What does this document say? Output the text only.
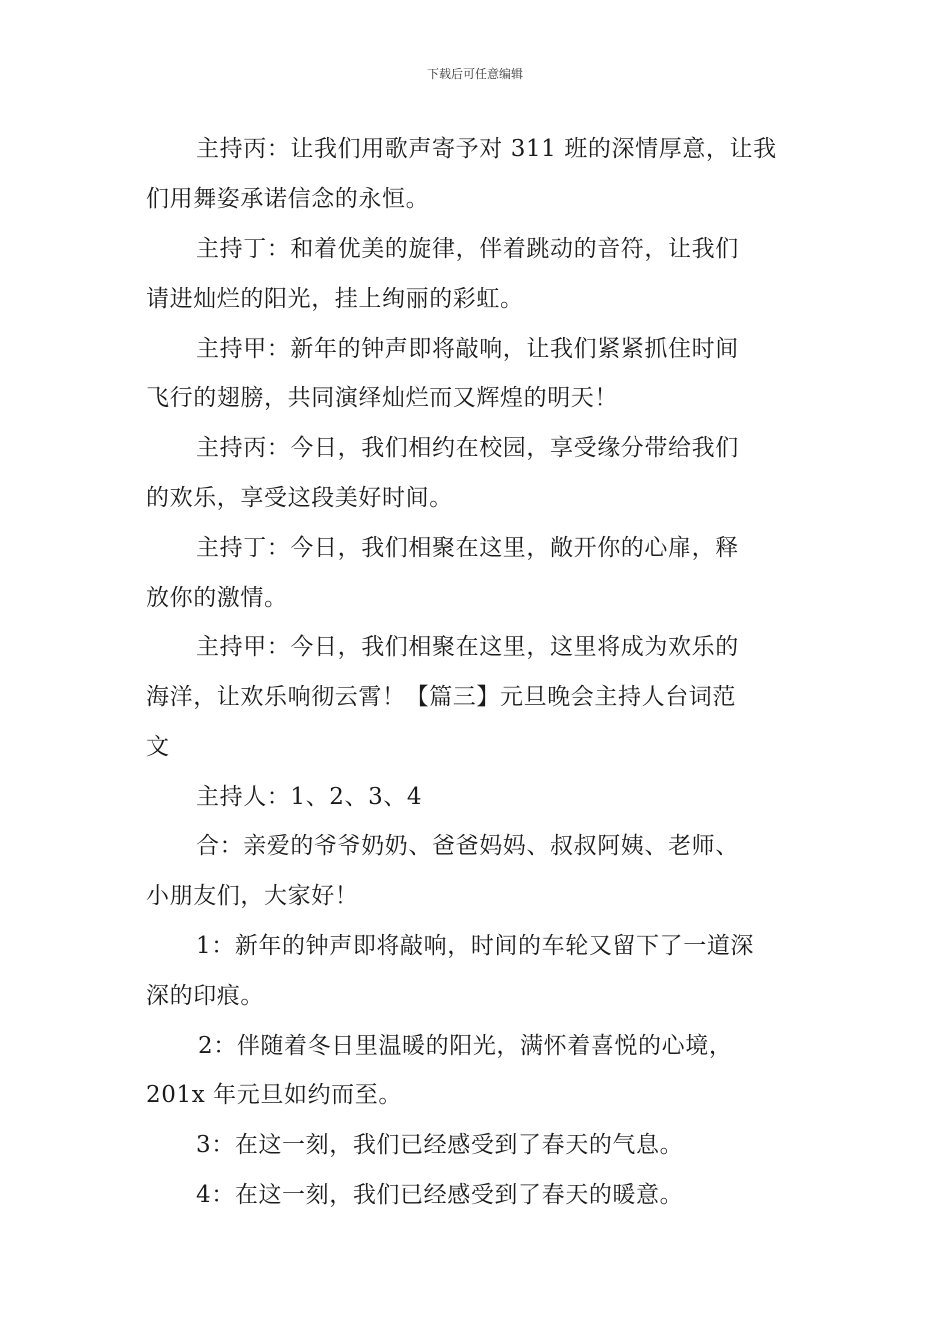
下载后可任意编辑
主持丙：让我们用歌声寄予对 311 班的深情厚意，让我
们用舞姿承诺信念的永恒。
主持丁：和着优美的旋律，伴着跳动的音符，让我们
请进灿烂的阳光，挂上绚丽的彩虹。
主持甲：新年的钟声即将敲响，让我们紧紧抓住时间
飞行的翅膀，共同演绎灿烂而又辉煌的明天！
主持丙：今日，我们相约在校园，享受缘分带给我们
的欢乐，享受这段美好时间。
主持丁：今日，我们相聚在这里，敞开你的心扉，释
放你的激情。
主持甲：今日，我们相聚在这里，这里将成为欢乐的
海洋，让欢乐响彻云霄！【篇三】元旦晚会主持人台词范
文
主持人：1、2、3、4
合：亲爱的爷爷奶奶、爸爸妈妈、叔叔阿姨、老师、
小朋友们，大家好！
1：新年的钟声即将敲响，时间的车轮又留下了一道深
深的印痕。
2：伴随着冬日里温暖的阳光，满怀着喜悦的心境，
201x 年元旦如约而至。
3：在这一刻，我们已经感受到了春天的气息。
4：在这一刻，我们已经感受到了春天的暖意。
